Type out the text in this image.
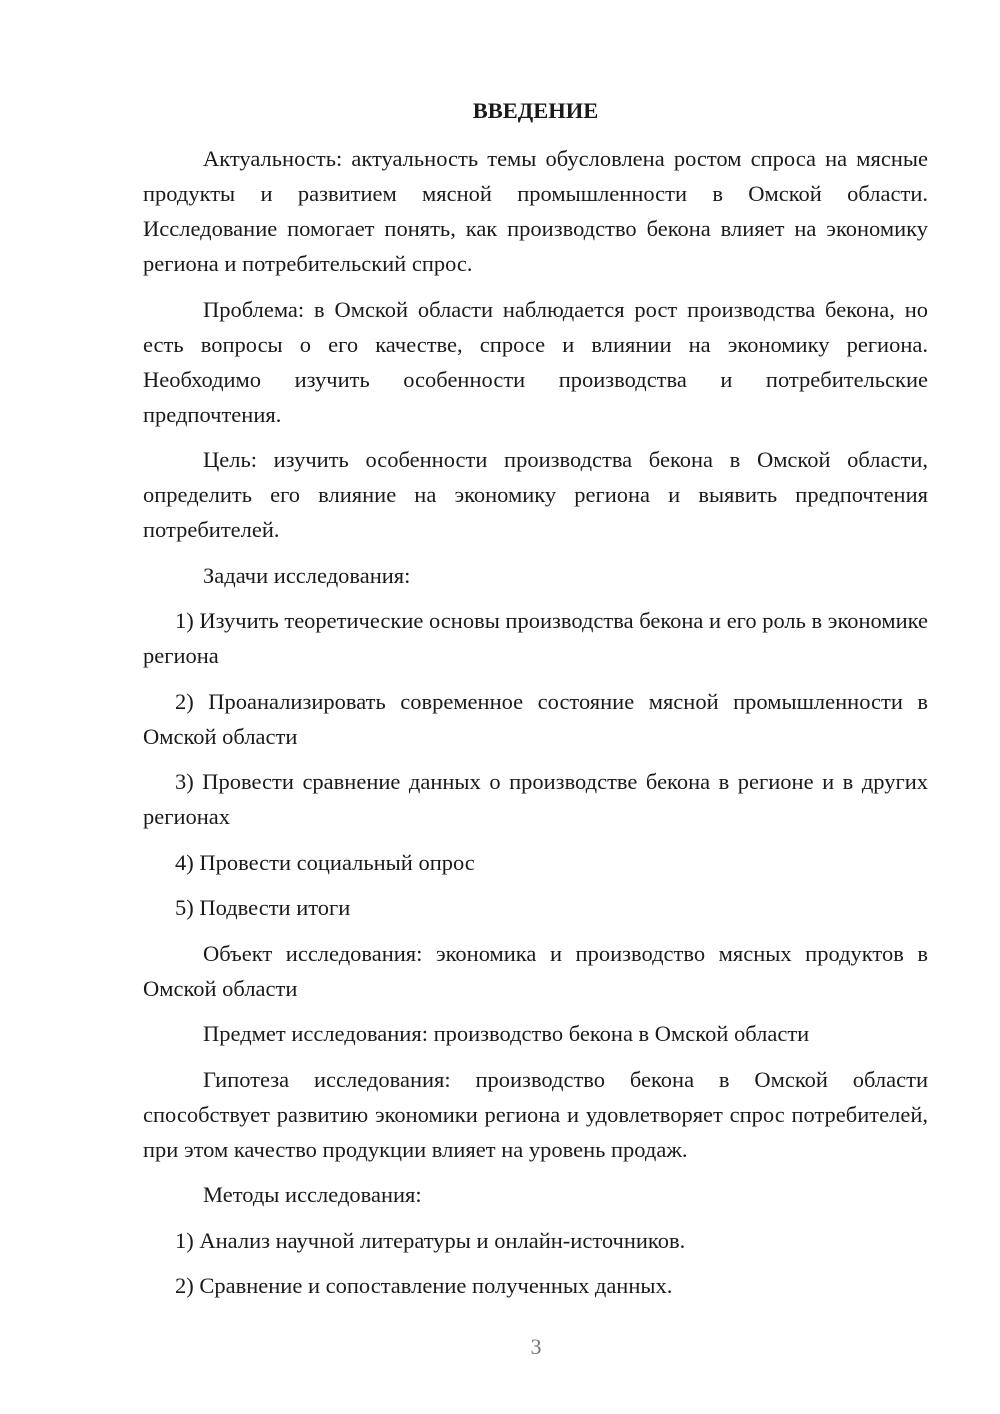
ВВЕДЕНИЕ

Актуальность: актуальность темы обусловлена ростом спроса на мясные продукты и развитием мясной промышленности в Омской области. Исследование помогает понять, как производство бекона влияет на экономику региона и потребительский спрос.

Проблема: в Омской области наблюдается рост производства бекона, но есть вопросы о его качестве, спросе и влиянии на экономику региона. Необходимо изучить особенности производства и потребительские предпочтения.

Цель: изучить особенности производства бекона в Омской области, определить его влияние на экономику региона и выявить предпочтения потребителей.

Задачи исследования:

1) Изучить теоретические основы производства бекона и его роль в экономике региона

2) Проанализировать современное состояние мясной промышленности в Омской области

3) Провести сравнение данных о производстве бекона в регионе и в других регионах

4) Провести социальный опрос

5) Подвести итоги

Объект исследования: экономика и производство мясных продуктов в Омской области

Предмет исследования: производство бекона в Омской области

Гипотеза исследования: производство бекона в Омской области способствует развитию экономики региона и удовлетворяет спрос потребителей, при этом качество продукции влияет на уровень продаж.

Методы исследования:

1) Анализ научной литературы и онлайн-источников.

2) Сравнение и сопоставление полученных данных.

3
